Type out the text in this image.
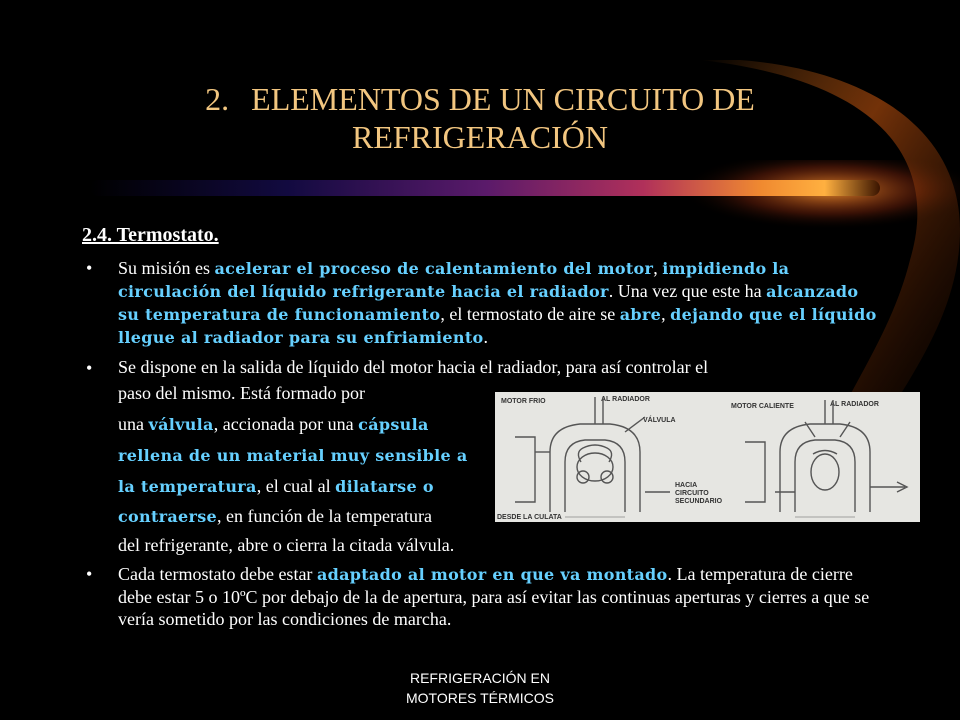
2. ELEMENTOS DE UN CIRCUITO DE
REFRIGERACIÓN
2.4. Termostato.
• Su misión es acelerar el proceso de calentamiento del motor, impidiendo la circulación del líquido refrigerante hacia el radiador. Una vez que este ha alcanzado su temperatura de funcionamiento, el termostato de aire se abre, dejando que el líquido llegue al radiador para su enfriamiento.
• Se dispone en la salida de líquido del motor hacia el radiador, para así controlar el
paso del mismo. Está formado por
una válvula, accionada por una cápsula
rellena de un material muy sensible a
la temperatura, el cual al dilatarse o
contraerse, en función de la temperatura
del refrigerante, abre o cierra la citada válvula.
MOTOR FRIO	AL RADIADOR
VÁLVULA
MOTOR CALIENTE	AL RADIADOR
HACIA
CIRCUITO
SECUNDARIO
DESDE LA CULATA
• Cada termostato debe estar adaptado al motor en que va montado. La temperatura de cierre debe estar 5 o 10ºC por debajo de la de apertura, para así evitar las continuas aperturas y cierres a que se vería sometido por las condiciones de marcha.
REFRIGERACIÓN EN
MOTORES TÉRMICOS
